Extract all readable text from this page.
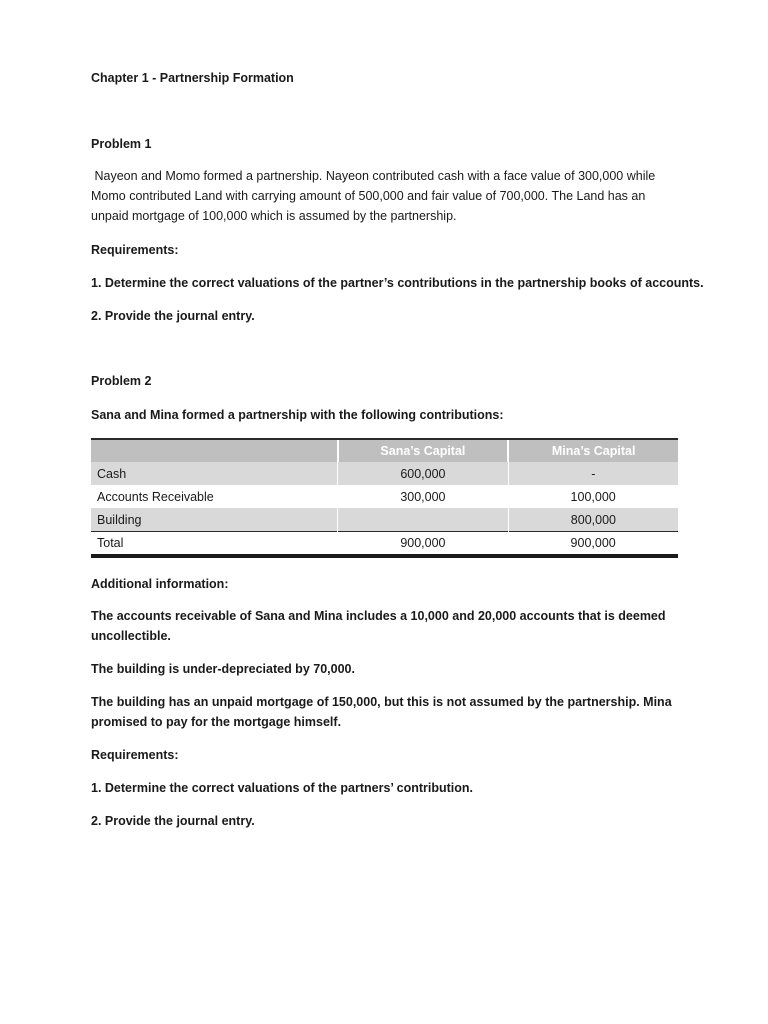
Chapter 1 - Partnership Formation
Problem 1
Nayeon and Momo formed a partnership. Nayeon contributed cash with a face value of 300,000 while
Momo contributed Land with carrying amount of 500,000 and fair value of 700,000. The Land has an
unpaid mortgage of 100,000 which is assumed by the partnership.
Requirements:
1. Determine the correct valuations of the partner’s contributions in the partnership books of accounts.
2. Provide the journal entry.
Problem 2
Sana and Mina formed a partnership with the following contributions:

	Sana’s Capital	Mina’s Capital
Cash	600,000	-
Accounts Receivable	300,000	100,000
Building		800,000
Total	900,000	900,000

Additional information:
The accounts receivable of Sana and Mina includes a 10,000 and 20,000 accounts that is deemed
uncollectible.
The building is under-depreciated by 70,000.
The building has an unpaid mortgage of 150,000, but this is not assumed by the partnership. Mina
promised to pay for the mortgage himself.
Requirements:
1. Determine the correct valuations of the partners’ contribution.
2. Provide the journal entry.
